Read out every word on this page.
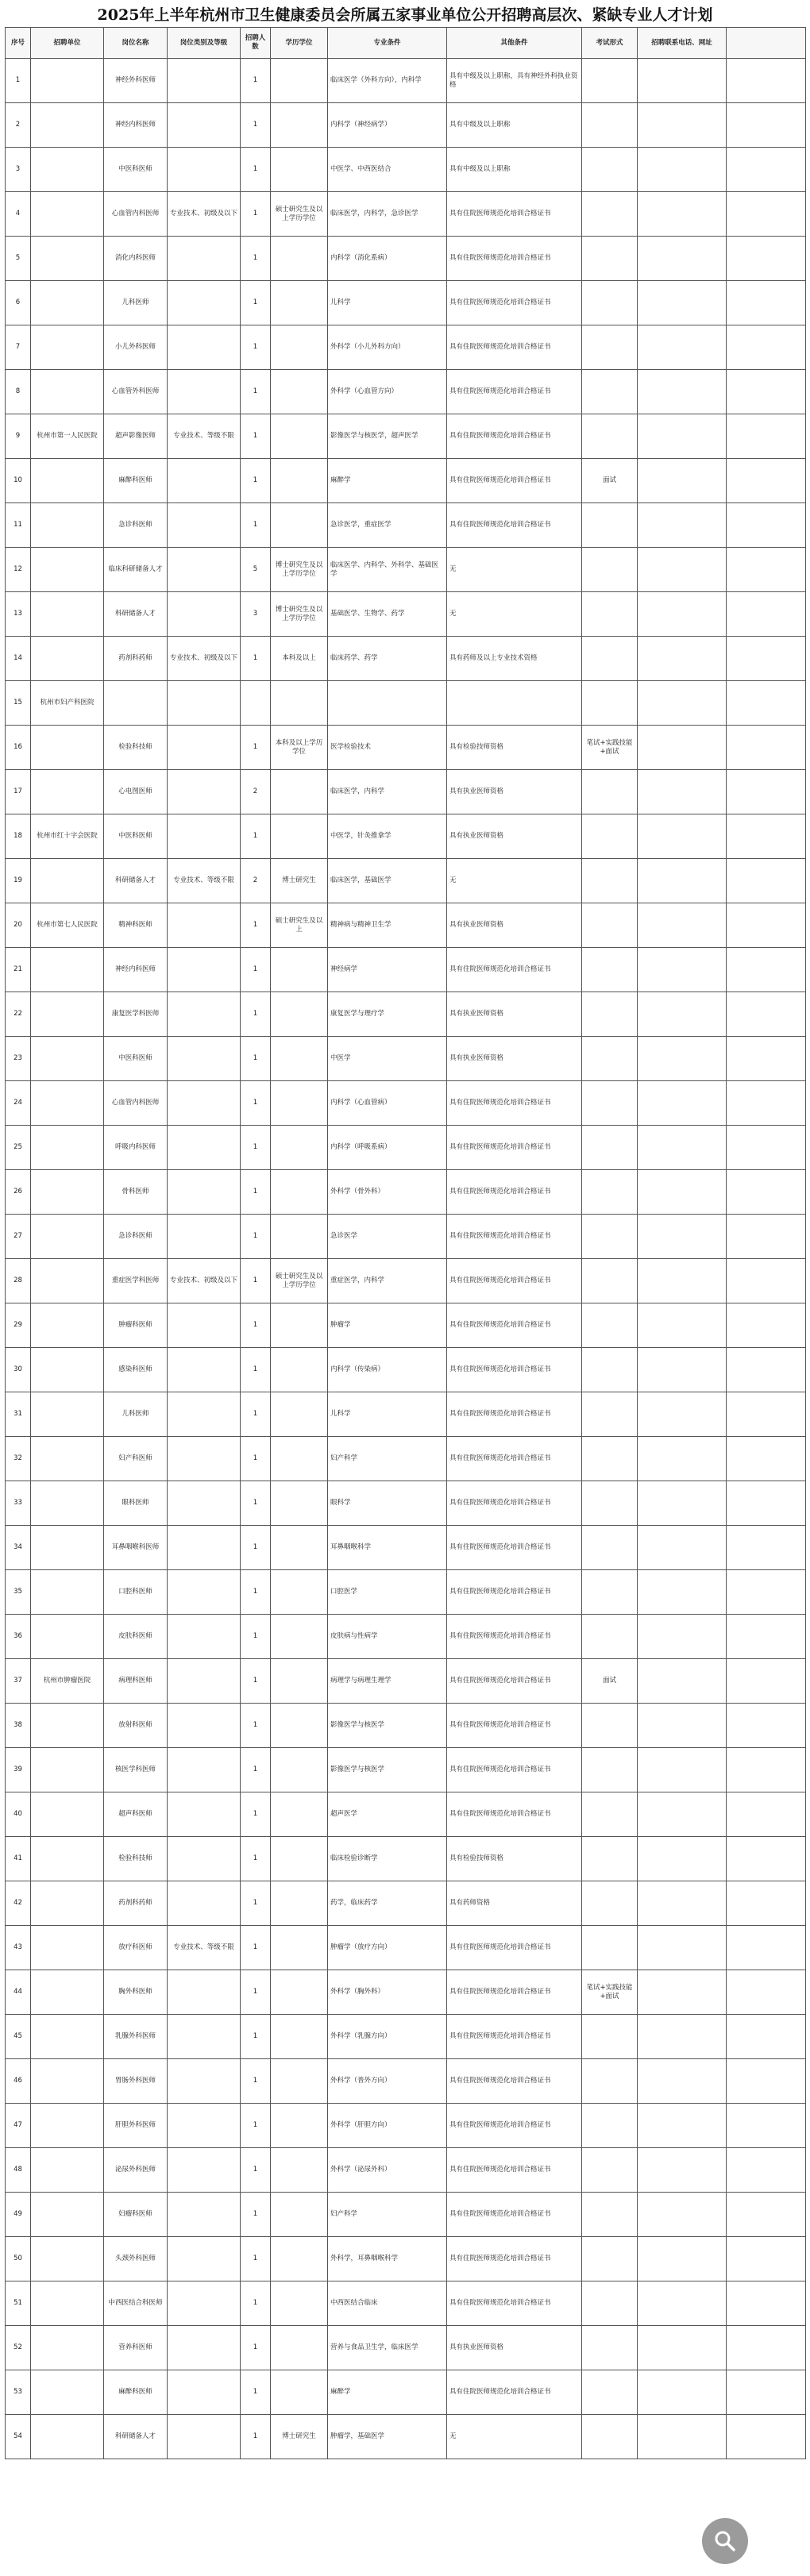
2025年上半年杭州市卫生健康委员会所属五家事业单位公开招聘高层次、紧缺专业人才计划
序号	招聘单位	岗位名称	岗位类别及等级	招聘人数	学历学位	专业条件	其他条件	考试形式	招聘联系电话、网址	
1		神经外科医师		1		临床医学（外科方向），内科学	具有中级及以上职称，具有神经外科执业资格			
2		神经内科医师		1		内科学（神经病学）	具有中级及以上职称			
3		中医科医师		1		中医学、中西医结合	具有中级及以上职称			
4		心血管内科医师	专业技术、初级及以下	1	硕士研究生及以上学历学位	临床医学，内科学，急诊医学	具有住院医师规范化培训合格证书			
5		消化内科医师		1		内科学（消化系病）	具有住院医师规范化培训合格证书			
6		儿科医师		1		儿科学	具有住院医师规范化培训合格证书			
7		小儿外科医师		1		外科学（小儿外科方向）	具有住院医师规范化培训合格证书			
8		心血管外科医师		1		外科学（心血管方向）	具有住院医师规范化培训合格证书			
9	杭州市第一人民医院	超声影像医师	专业技术、等级不限	1		影像医学与核医学，超声医学	具有住院医师规范化培训合格证书			
10		麻醉科医师		1		麻醉学	具有住院医师规范化培训合格证书	面试		
11		急诊科医师		1		急诊医学，重症医学	具有住院医师规范化培训合格证书			
12		临床科研储备人才		5	博士研究生及以上学历学位	临床医学、内科学、外科学、基础医学	无			
13		科研储备人才		3	博士研究生及以上学历学位	基础医学、生物学、药学	无			
14		药剂科药师	专业技术、初级及以下	1	本科及以上	临床药学、药学	具有药师及以上专业技术资格			
15	杭州市妇产科医院									
16		检验科技师		1	本科及以上学历学位	医学检验技术	具有检验技师资格	笔试+实践技能+面试		
17		心电图医师		2		临床医学，内科学	具有执业医师资格			
18	杭州市红十字会医院	中医科医师		1		中医学，针灸推拿学	具有执业医师资格			
19		科研储备人才	专业技术、等级不限	2	博士研究生	临床医学，基础医学	无			
20	杭州市第七人民医院	精神科医师		1	硕士研究生及以上	精神病与精神卫生学	具有执业医师资格			
21		神经内科医师		1		神经病学	具有住院医师规范化培训合格证书			
22		康复医学科医师		1		康复医学与理疗学	具有执业医师资格			
23		中医科医师		1		中医学	具有执业医师资格			
24		心血管内科医师		1		内科学（心血管病）	具有住院医师规范化培训合格证书			
25		呼吸内科医师		1		内科学（呼吸系病）	具有住院医师规范化培训合格证书			
26		骨科医师		1		外科学（骨外科）	具有住院医师规范化培训合格证书			
27		急诊科医师		1		急诊医学	具有住院医师规范化培训合格证书			
28		重症医学科医师	专业技术、初级及以下	1	硕士研究生及以上学历学位	重症医学，内科学	具有住院医师规范化培训合格证书			
29		肿瘤科医师		1		肿瘤学	具有住院医师规范化培训合格证书			
30		感染科医师		1		内科学（传染病）	具有住院医师规范化培训合格证书			
31		儿科医师		1		儿科学	具有住院医师规范化培训合格证书			
32		妇产科医师		1		妇产科学	具有住院医师规范化培训合格证书			
33		眼科医师		1		眼科学	具有住院医师规范化培训合格证书			
34		耳鼻咽喉科医师		1		耳鼻咽喉科学	具有住院医师规范化培训合格证书			
35		口腔科医师		1		口腔医学	具有住院医师规范化培训合格证书			
36		皮肤科医师		1		皮肤病与性病学	具有住院医师规范化培训合格证书			
37	杭州市肿瘤医院	病理科医师		1		病理学与病理生理学	具有住院医师规范化培训合格证书	面试		
38		放射科医师		1		影像医学与核医学	具有住院医师规范化培训合格证书			
39		核医学科医师		1		影像医学与核医学	具有住院医师规范化培训合格证书			
40		超声科医师		1		超声医学	具有住院医师规范化培训合格证书			
41		检验科技师		1		临床检验诊断学	具有检验技师资格			
42		药剂科药师		1		药学，临床药学	具有药师资格			
43		放疗科医师	专业技术、等级不限	1		肿瘤学（放疗方向）	具有住院医师规范化培训合格证书			
44		胸外科医师		1		外科学（胸外科）	具有住院医师规范化培训合格证书	笔试+实践技能+面试		
45		乳腺外科医师		1		外科学（乳腺方向）	具有住院医师规范化培训合格证书			
46		胃肠外科医师		1		外科学（普外方向）	具有住院医师规范化培训合格证书			
47		肝胆外科医师		1		外科学（肝胆方向）	具有住院医师规范化培训合格证书			
48		泌尿外科医师		1		外科学（泌尿外科）	具有住院医师规范化培训合格证书			
49		妇瘤科医师		1		妇产科学	具有住院医师规范化培训合格证书			
50		头颈外科医师		1		外科学，耳鼻咽喉科学	具有住院医师规范化培训合格证书			
51		中西医结合科医师		1		中西医结合临床	具有住院医师规范化培训合格证书			
52		营养科医师		1		营养与食品卫生学，临床医学	具有执业医师资格			
53		麻醉科医师		1		麻醉学	具有住院医师规范化培训合格证书			
54		科研储备人才		1	博士研究生	肿瘤学，基础医学	无			
